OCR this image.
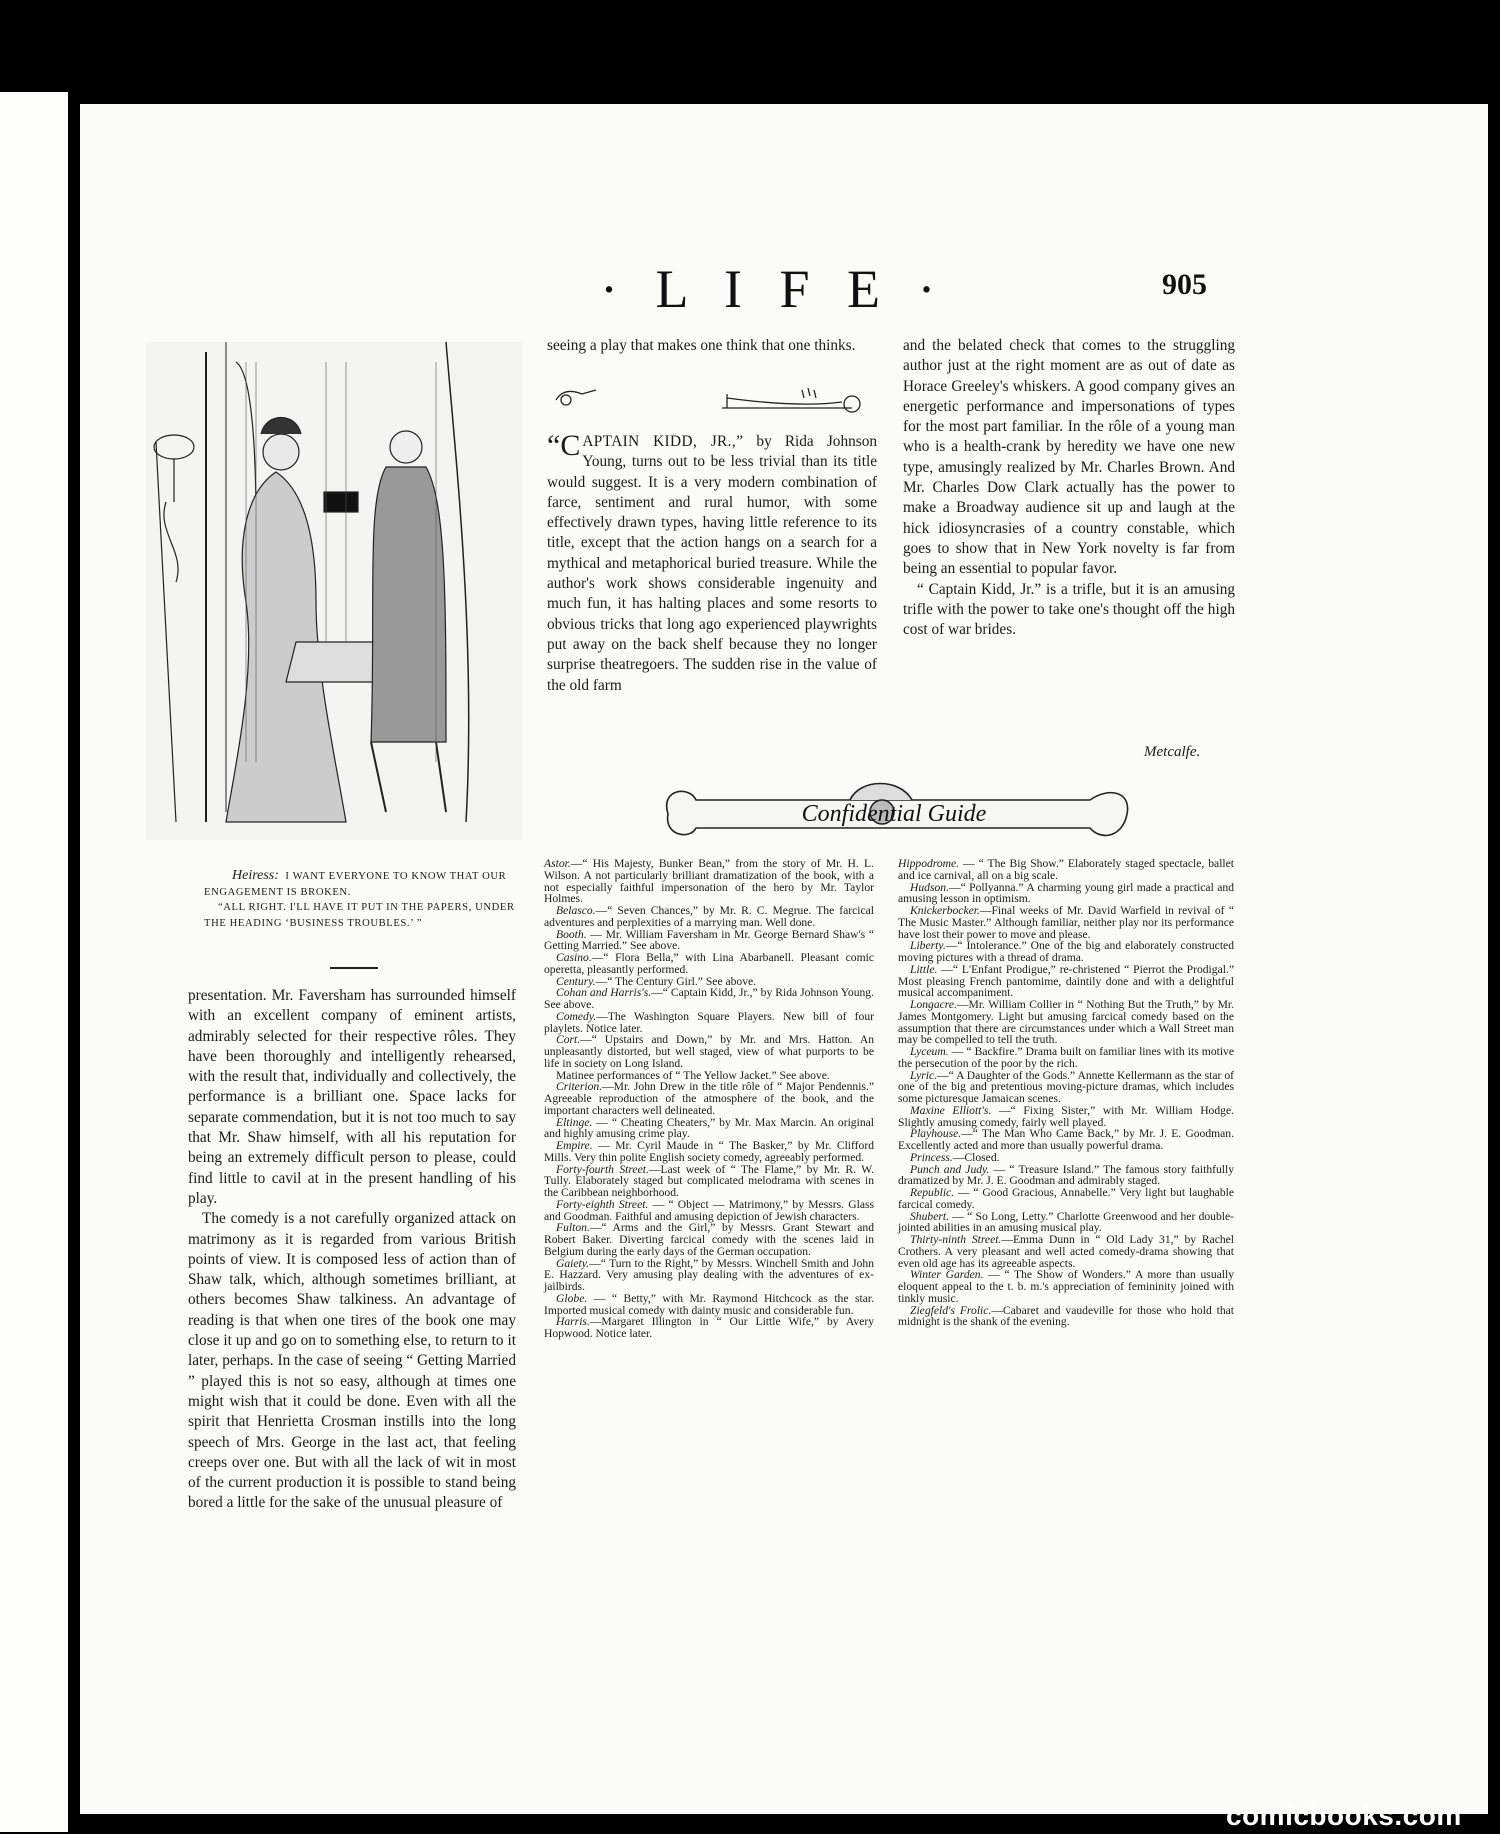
· L I F E ·	905
Heiress: I WANT EVERYONE TO KNOW THAT OUR ENGAGEMENT IS BROKEN.
“ALL RIGHT. I'LL HAVE IT PUT IN THE PAPERS, UNDER THE HEADING ‘BUSINESS TROUBLES.’ ”

presentation. Mr. Faversham has surrounded himself with an excellent company of eminent artists, admirably selected for their respective rôles. They have been thoroughly and intelligently rehearsed, with the result that, individually and collectively, the performance is a brilliant one. Space lacks for separate commendation, but it is not too much to say that Mr. Shaw himself, with all his reputation for being an extremely difficult person to please, could find little to cavil at in the present handling of his play.

The comedy is a not carefully organized attack on matrimony as it is regarded from various British points of view. It is composed less of action than of Shaw talk, which, although sometimes brilliant, at others becomes Shaw talkiness. An advantage of reading is that when one tires of the book one may close it up and go on to something else, to return to it later, perhaps. In the case of seeing “ Getting Married ” played this is not so easy, although at times one might wish that it could be done. Even with all the spirit that Henrietta Crosman instills into the long speech of Mrs. George in the last act, that feeling creeps over one. But with all the lack of wit in most of the current production it is possible to stand being bored a little for the sake of the unusual pleasure of

seeing a play that makes one think that one thinks.

“CAPTAIN KIDD, JR.,” by Rida Johnson Young, turns out to be less trivial than its title would suggest. It is a very modern combination of farce, sentiment and rural humor, with some effectively drawn types, having little reference to its title, except that the action hangs on a search for a mythical and metaphorical buried treasure. While the author's work shows considerable ingenuity and much fun, it has halting places and some resorts to obvious tricks that long ago experienced playwrights put away on the back shelf because they no longer surprise theatregoers. The sudden rise in the value of the old farm

and the belated check that comes to the struggling author just at the right moment are as out of date as Horace Greeley's whiskers. A good company gives an energetic performance and impersonations of types for the most part familiar. In the rôle of a young man who is a health-crank by heredity we have one new type, amusingly realized by Mr. Charles Brown. And Mr. Charles Dow Clark actually has the power to make a Broadway audience sit up and laugh at the hick idiosyncrasies of a country constable, which goes to show that in New York novelty is far from being an essential to popular favor.

“ Captain Kidd, Jr.” is a trifle, but it is an amusing trifle with the power to take one's thought off the high cost of war brides.

Metcalfe.
Confidential Guide

Astor.—“ His Majesty, Bunker Bean,” from the story of Mr. H. L. Wilson. A not particularly brilliant dramatization of the book, with a not especially faithful impersonation of the hero by Mr. Taylor Holmes.

Belasco.—“ Seven Chances,” by Mr. R. C. Megrue. The farcical adventures and perplexities of a marrying man. Well done.

Booth. — Mr. William Faversham in Mr. George Bernard Shaw's “ Getting Married.” See above.

Casino.—“ Flora Bella,” with Lina Abarbanell. Pleasant comic operetta, pleasantly performed.

Century.—“ The Century Girl.” See above.

Cohan and Harris's.—“ Captain Kidd, Jr.,” by Rida Johnson Young. See above.

Comedy.—The Washington Square Players. New bill of four playlets. Notice later.

Cort.—“ Upstairs and Down,” by Mr. and Mrs. Hatton. An unpleasantly distorted, but well staged, view of what purports to be life in society on Long Island.

Matinee performances of “ The Yellow Jacket.” See above.

Criterion.—Mr. John Drew in the title rôle of “ Major Pendennis.” Agreeable reproduction of the atmosphere of the book, and the important characters well delineated.

Eltinge. — “ Cheating Cheaters,” by Mr. Max Marcin. An original and highly amusing crime play.

Empire. — Mr. Cyril Maude in “ The Basker,” by Mr. Clifford Mills. Very thin polite English society comedy, agreeably performed.

Forty-fourth Street.—Last week of “ The Flame,” by Mr. R. W. Tully. Elaborately staged but complicated melodrama with scenes in the Caribbean neighborhood.

Forty-eighth Street. — “ Object — Matrimony,” by Messrs. Glass and Goodman. Faithful and amusing depiction of Jewish characters.

Fulton.—“ Arms and the Girl,” by Messrs. Grant Stewart and Robert Baker. Diverting farcical comedy with the scenes laid in Belgium during the early days of the German occupation.

Gaiety.—“ Turn to the Right,” by Messrs. Winchell Smith and John E. Hazzard. Very amusing play dealing with the adventures of ex-jailbirds.

Globe. — “ Betty,” with Mr. Raymond Hitchcock as the star. Imported musical comedy with dainty music and considerable fun.

Harris.—Margaret Illington in “ Our Little Wife,” by Avery Hopwood. Notice later.

Hippodrome. — “ The Big Show.” Elaborately staged spectacle, ballet and ice carnival, all on a big scale.

Hudson.—“ Pollyanna.” A charming young girl made a practical and amusing lesson in optimism.

Knickerbocker.—Final weeks of Mr. David Warfield in revival of “ The Music Master.” Although familiar, neither play nor its performance have lost their power to move and please.

Liberty.—“ Intolerance.” One of the big and elaborately constructed moving pictures with a thread of drama.

Little. —“ L'Enfant Prodigue,” re-christened “ Pierrot the Prodigal.” Most pleasing French pantomime, daintily done and with a delightful musical accompaniment.

Longacre.—Mr. William Collier in “ Nothing But the Truth,” by Mr. James Montgomery. Light but amusing farcical comedy based on the assumption that there are circumstances under which a Wall Street man may be compelled to tell the truth.

Lyceum. — “ Backfire.” Drama built on familiar lines with its motive the persecution of the poor by the rich.

Lyric.—“ A Daughter of the Gods.” Annette Kellermann as the star of one of the big and pretentious moving-picture dramas, which includes some picturesque Jamaican scenes.

Maxine Elliott's. —“ Fixing Sister,” with Mr. William Hodge. Slightly amusing comedy, fairly well played.

Playhouse.—“ The Man Who Came Back,” by Mr. J. E. Goodman. Excellently acted and more than usually powerful drama.

Princess.—Closed.

Punch and Judy. — “ Treasure Island.” The famous story faithfully dramatized by Mr. J. E. Goodman and admirably staged.

Republic. — “ Good Gracious, Annabelle.” Very light but laughable farcical comedy.

Shubert. — “ So Long, Letty.” Charlotte Greenwood and her double-jointed abilities in an amusing musical play.

Thirty-ninth Street.—Emma Dunn in “ Old Lady 31,” by Rachel Crothers. A very pleasant and well acted comedy-drama showing that even old age has its agreeable aspects.

Winter Garden. — “ The Show of Wonders.” A more than usually eloquent appeal to the t. b. m.'s appreciation of femininity joined with tinkly music.

Ziegfeld's Frolic.—Cabaret and vaudeville for those who hold that midnight is the shank of the evening.

comicbooks.com
